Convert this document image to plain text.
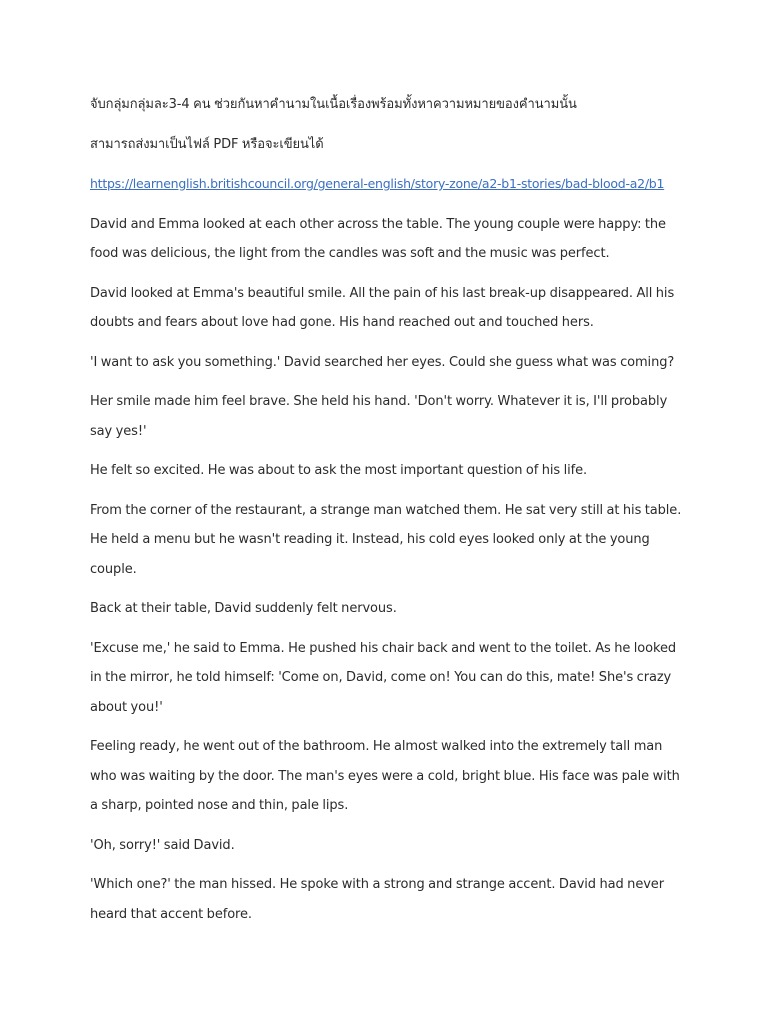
จับกลุ่มกลุ่มละ3-4 คน ช่วยกันหาคำนามในเนื้อเรื่องพร้อมทั้งหาความหมายของคำนามนั้น

สามารถส่งมาเป็นไฟล์ PDF หรือจะเขียนได้

https://learnenglish.britishcouncil.org/general-english/story-zone/a2-b1-stories/bad-blood-a2/b1

David and Emma looked at each other across the table. The young couple were happy: the food was delicious, the light from the candles was soft and the music was perfect.

David looked at Emma's beautiful smile. All the pain of his last break-up disappeared. All his doubts and fears about love had gone. His hand reached out and touched hers.

'I want to ask you something.' David searched her eyes. Could she guess what was coming?

Her smile made him feel brave. She held his hand. 'Don't worry. Whatever it is, I'll probably say yes!'

He felt so excited. He was about to ask the most important question of his life.

From the corner of the restaurant, a strange man watched them. He sat very still at his table. He held a menu but he wasn't reading it. Instead, his cold eyes looked only at the young couple.

Back at their table, David suddenly felt nervous.

'Excuse me,' he said to Emma. He pushed his chair back and went to the toilet. As he looked in the mirror, he told himself: 'Come on, David, come on! You can do this, mate! She's crazy about you!'

Feeling ready, he went out of the bathroom. He almost walked into the extremely tall man who was waiting by the door. The man's eyes were a cold, bright blue. His face was pale with a sharp, pointed nose and thin, pale lips.

'Oh, sorry!' said David.

'Which one?' the man hissed. He spoke with a strong and strange accent. David had never heard that accent before.
